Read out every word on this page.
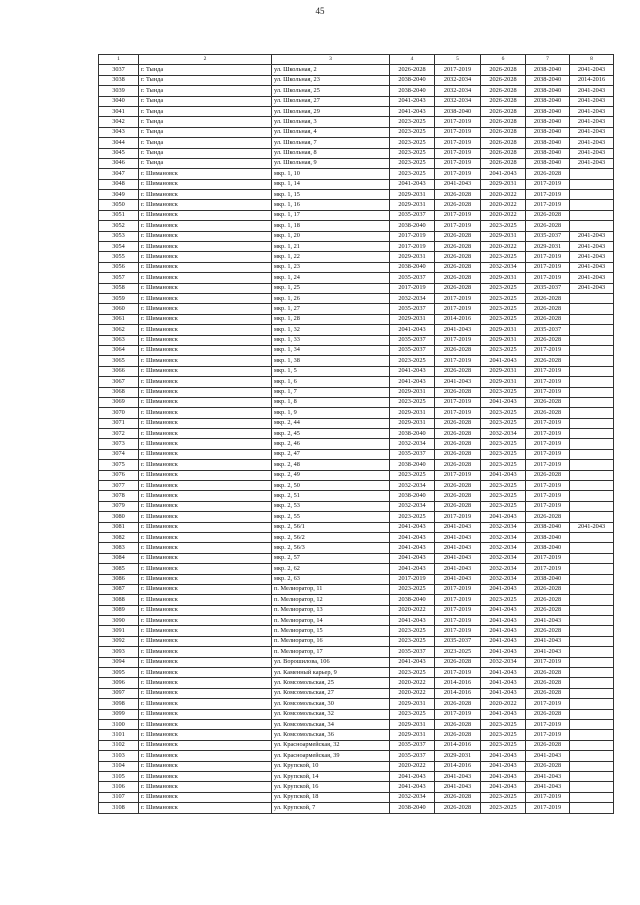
45
1	2	3	4	5	6	7	8
3037	г. Тында	ул. Школьная, 2	2026-2028	2017-2019	2026-2028	2038-2040	2041-2043
3038	г. Тында	ул. Школьная, 23	2038-2040	2032-2034	2026-2028	2038-2040	2014-2016
3039	г. Тында	ул. Школьная, 25	2038-2040	2032-2034	2026-2028	2038-2040	2041-2043
3040	г. Тында	ул. Школьная, 27	2041-2043	2032-2034	2026-2028	2038-2040	2041-2043
3041	г. Тында	ул. Школьная, 29	2041-2043	2038-2040	2026-2028	2038-2040	2041-2043
3042	г. Тында	ул. Школьная, 3	2023-2025	2017-2019	2026-2028	2038-2040	2041-2043
3043	г. Тында	ул. Школьная, 4	2023-2025	2017-2019	2026-2028	2038-2040	2041-2043
3044	г. Тында	ул. Школьная, 7	2023-2025	2017-2019	2026-2028	2038-2040	2041-2043
3045	г. Тында	ул. Школьная, 8	2023-2025	2017-2019	2026-2028	2038-2040	2041-2043
3046	г. Тында	ул. Школьная, 9	2023-2025	2017-2019	2026-2028	2038-2040	2041-2043
3047	г. Шимановск	мкр. 1, 10	2023-2025	2017-2019	2041-2043	2026-2028	
3048	г. Шимановск	мкр. 1, 14	2041-2043	2041-2043	2029-2031	2017-2019	
3049	г. Шимановск	мкр. 1, 15	2029-2031	2026-2028	2020-2022	2017-2019	
3050	г. Шимановск	мкр. 1, 16	2029-2031	2026-2028	2020-2022	2017-2019	
3051	г. Шимановск	мкр. 1, 17	2035-2037	2017-2019	2020-2022	2026-2028	
3052	г. Шимановск	мкр. 1, 18	2038-2040	2017-2019	2023-2025	2026-2028	
3053	г. Шимановск	мкр. 1, 20	2017-2019	2026-2028	2029-2031	2035-2037	2041-2043
3054	г. Шимановск	мкр. 1, 21	2017-2019	2026-2028	2020-2022	2029-2031	2041-2043
3055	г. Шимановск	мкр. 1, 22	2029-2031	2026-2028	2023-2025	2017-2019	2041-2043
3056	г. Шимановск	мкр. 1, 23	2038-2040	2026-2028	2032-2034	2017-2019	2041-2043
3057	г. Шимановск	мкр. 1, 24	2035-2037	2026-2028	2029-2031	2017-2019	2041-2043
3058	г. Шимановск	мкр. 1, 25	2017-2019	2026-2028	2023-2025	2035-2037	2041-2043
3059	г. Шимановск	мкр. 1, 26	2032-2034	2017-2019	2023-2025	2026-2028	
3060	г. Шимановск	мкр. 1, 27	2035-2037	2017-2019	2023-2025	2026-2028	
3061	г. Шимановск	мкр. 1, 28	2029-2031	2014-2016	2023-2025	2026-2028	
3062	г. Шимановск	мкр. 1, 32	2041-2043	2041-2043	2029-2031	2035-2037	
3063	г. Шимановск	мкр. 1, 33	2035-2037	2017-2019	2029-2031	2026-2028	
3064	г. Шимановск	мкр. 1, 34	2035-2037	2026-2028	2023-2025	2017-2019	
3065	г. Шимановск	мкр. 1, 38	2023-2025	2017-2019	2041-2043	2026-2028	
3066	г. Шимановск	мкр. 1, 5	2041-2043	2026-2028	2029-2031	2017-2019	
3067	г. Шимановск	мкр. 1, 6	2041-2043	2041-2043	2029-2031	2017-2019	
3068	г. Шимановск	мкр. 1, 7	2029-2031	2026-2028	2023-2025	2017-2019	
3069	г. Шимановск	мкр. 1, 8	2023-2025	2017-2019	2041-2043	2026-2028	
3070	г. Шимановск	мкр. 1, 9	2029-2031	2017-2019	2023-2025	2026-2028	
3071	г. Шимановск	мкр. 2, 44	2029-2031	2026-2028	2023-2025	2017-2019	
3072	г. Шимановск	мкр. 2, 45	2038-2040	2026-2028	2032-2034	2017-2019	
3073	г. Шимановск	мкр. 2, 46	2032-2034	2026-2028	2023-2025	2017-2019	
3074	г. Шимановск	мкр. 2, 47	2035-2037	2026-2028	2023-2025	2017-2019	
3075	г. Шимановск	мкр. 2, 48	2038-2040	2026-2028	2023-2025	2017-2019	
3076	г. Шимановск	мкр. 2, 49	2023-2025	2017-2019	2041-2043	2026-2028	
3077	г. Шимановск	мкр. 2, 50	2032-2034	2026-2028	2023-2025	2017-2019	
3078	г. Шимановск	мкр. 2, 51	2038-2040	2026-2028	2023-2025	2017-2019	
3079	г. Шимановск	мкр. 2, 53	2032-2034	2026-2028	2023-2025	2017-2019	
3080	г. Шимановск	мкр. 2, 55	2023-2025	2017-2019	2041-2043	2026-2028	
3081	г. Шимановск	мкр. 2, 56/1	2041-2043	2041-2043	2032-2034	2038-2040	2041-2043
3082	г. Шимановск	мкр. 2, 56/2	2041-2043	2041-2043	2032-2034	2038-2040	
3083	г. Шимановск	мкр. 2, 56/3	2041-2043	2041-2043	2032-2034	2038-2040	
3084	г. Шимановск	мкр. 2, 57	2041-2043	2041-2043	2032-2034	2017-2019	
3085	г. Шимановск	мкр. 2, 62	2041-2043	2041-2043	2032-2034	2017-2019	
3086	г. Шимановск	мкр. 2, 63	2017-2019	2041-2043	2032-2034	2038-2040	
3087	г. Шимановск	п. Мелиоратор, 11	2023-2025	2017-2019	2041-2043	2026-2028	
3088	г. Шимановск	п. Мелиоратор, 12	2038-2040	2017-2019	2023-2025	2026-2028	
3089	г. Шимановск	п. Мелиоратор, 13	2020-2022	2017-2019	2041-2043	2026-2028	
3090	г. Шимановск	п. Мелиоратор, 14	2041-2043	2017-2019	2041-2043	2041-2043	
3091	г. Шимановск	п. Мелиоратор, 15	2023-2025	2017-2019	2041-2043	2026-2028	
3092	г. Шимановск	п. Мелиоратор, 16	2023-2025	2035-2037	2041-2043	2041-2043	
3093	г. Шимановск	п. Мелиоратор, 17	2035-2037	2023-2025	2041-2043	2041-2043	
3094	г. Шимановск	ул. Ворошилова, 106	2041-2043	2026-2028	2032-2034	2017-2019	
3095	г. Шимановск	ул. Каменный карьер, 9	2023-2025	2017-2019	2041-2043	2026-2028	
3096	г. Шимановск	ул. Комсомольская, 25	2020-2022	2014-2016	2041-2043	2026-2028	
3097	г. Шимановск	ул. Комсомольская, 27	2020-2022	2014-2016	2041-2043	2026-2028	
3098	г. Шимановск	ул. Комсомольская, 30	2029-2031	2026-2028	2020-2022	2017-2019	
3099	г. Шимановск	ул. Комсомольская, 32	2023-2025	2017-2019	2041-2043	2026-2028	
3100	г. Шимановск	ул. Комсомольская, 34	2029-2031	2026-2028	2023-2025	2017-2019	
3101	г. Шимановск	ул. Комсомольская, 36	2029-2031	2026-2028	2023-2025	2017-2019	
3102	г. Шимановск	ул. Красноармейская, 32	2035-2037	2014-2016	2023-2025	2026-2028	
3103	г. Шимановск	ул. Красноармейская, 39	2035-2037	2029-2031	2041-2043	2041-2043	
3104	г. Шимановск	ул. Крупской, 10	2020-2022	2014-2016	2041-2043	2026-2028	
3105	г. Шимановск	ул. Крупской, 14	2041-2043	2041-2043	2041-2043	2041-2043	
3106	г. Шимановск	ул. Крупской, 16	2041-2043	2041-2043	2041-2043	2041-2043	
3107	г. Шимановск	ул. Крупской, 18	2032-2034	2026-2028	2023-2025	2017-2019	
3108	г. Шимановск	ул. Крупской, 7	2038-2040	2026-2028	2023-2025	2017-2019	
